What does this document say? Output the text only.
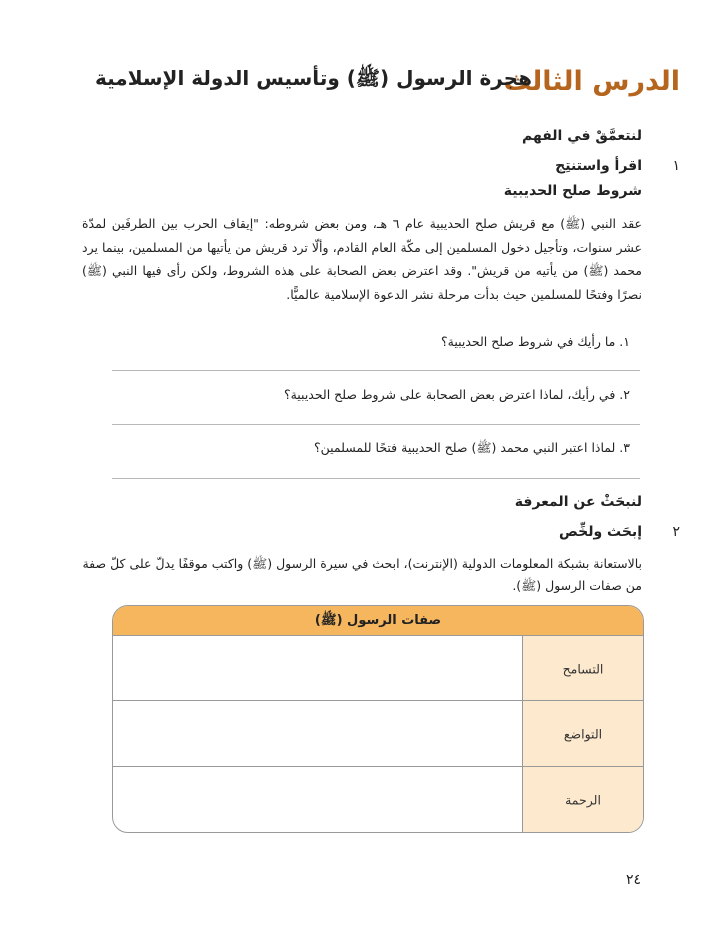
الدرس الثالث
هجرة الرسول (ﷺ) وتأسيس الدولة الإسلامية
لنتعمَّقْ في الفهم
١
اقرأ واستنتِج
شروط صلح الحديبية
عقد النبي (ﷺ) مع قريش صلح الحديبية عام ٦ هـ، ومن بعض شروطه: "إيقاف الحرب بين الطرفَين لمدّة عشر سنوات، وتأجيل دخول المسلمين إلى مكّة العام القادم، وألّا ترد قريش من يأتيها من المسلمين، بينما يرد محمد (ﷺ) من يأتيه من قريش". وقد اعترض بعض الصحابة على هذه الشروط، ولكن رأى فيها النبي (ﷺ) نصرًا وفتحًا للمسلمين حيث بدأت مرحلة نشر الدعوة الإسلامية عالميًّا.
١. ما رأيك في شروط صلح الحديبية؟
٢. في رأيك، لماذا اعترض بعض الصحابة على شروط صلح الحديبية؟
٣. لماذا اعتبر النبي محمد (ﷺ) صلح الحديبية فتحًا للمسلمين؟
لنبحَثْ عن المعرفة
٢
إبحَث ولخِّص
بالاستعانة بشبكة المعلومات الدولية (الإنترنت)، ابحث في سيرة الرسول (ﷺ) واكتب موقفًا يدلّ على كلّ صفة من صفات الرسول (ﷺ).
صفات الرسول (ﷺ)
التسامح
التواضع
الرحمة
٢٤
